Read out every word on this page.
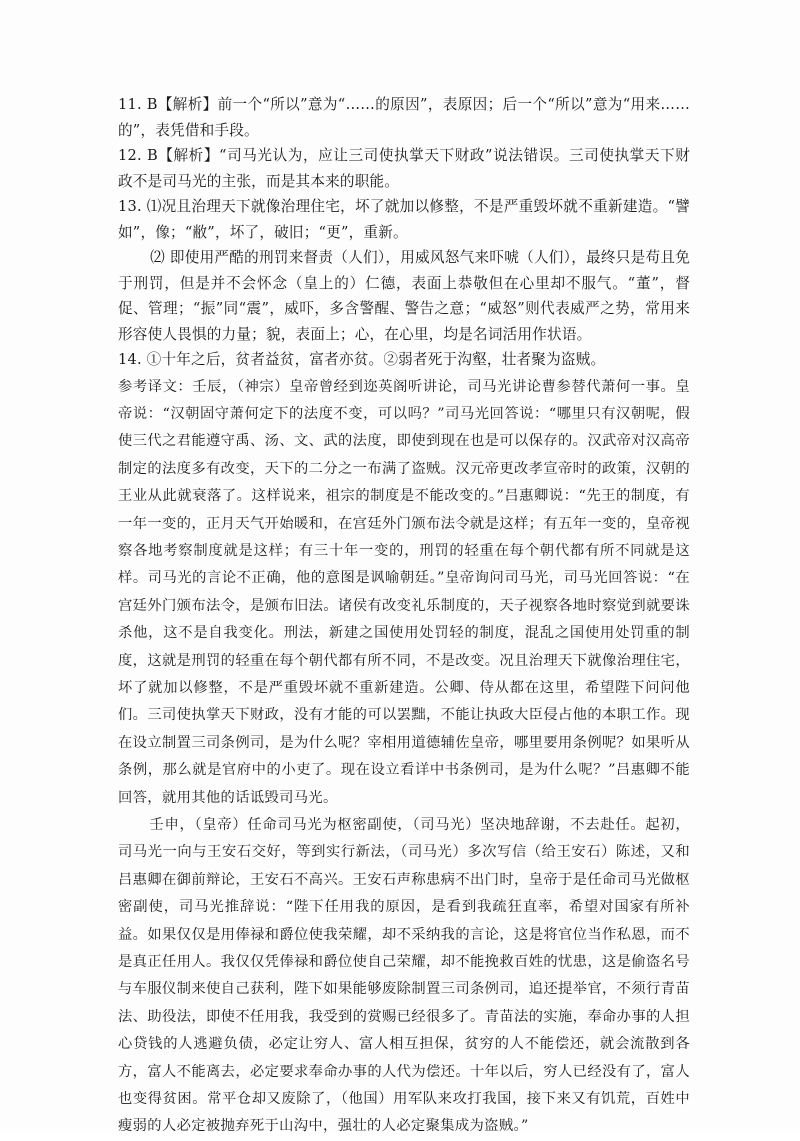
11. B【解析】前一个“所以”意为“……的原因”，表原因；后一个“所以”意为“用来……的”，表凭借和手段。

12. B【解析】“司马光认为，应让三司使执掌天下财政”说法错误。三司使执掌天下财政不是司马光的主张，而是其本来的职能。

13. ⑴况且治理天下就像治理住宅，坏了就加以修整，不是严重毁坏就不重新建造。“譬如”，像；“敝”，坏了，破旧；“更”，重新。

⑵ 即使用严酷的刑罚来督责（人们），用威风怒气来吓唬（人们），最终只是苟且免于刑罚，但是并不会怀念（皇上的）仁德，表面上恭敬但在心里却不服气。“董”，督促、管理；“振”同“震”，威吓，多含警醒、警告之意；“威怒”则代表威严之势，常用来形容使人畏惧的力量；貌，表面上；心，在心里，均是名词活用作状语。

14. ①十年之后，贫者益贫，富者亦贫。②弱者死于沟壑，壮者聚为盗贼。

参考译文：壬辰，（神宗）皇帝曾经到迩英阁听讲论，司马光讲论曹参替代萧何一事。皇帝说：“汉朝固守萧何定下的法度不变，可以吗？”司马光回答说：“哪里只有汉朝呢，假使三代之君能遵守禹、汤、文、武的法度，即使到现在也是可以保存的。汉武帝对汉高帝制定的法度多有改变，天下的二分之一布满了盗贼。汉元帝更改孝宣帝时的政策，汉朝的王业从此就衰落了。这样说来，祖宗的制度是不能改变的。”吕惠卿说：“先王的制度，有一年一变的，正月天气开始暖和，在宫廷外门颁布法令就是这样；有五年一变的，皇帝视察各地考察制度就是这样；有三十年一变的，刑罚的轻重在每个朝代都有所不同就是这样。司马光的言论不正确，他的意图是讽喻朝廷。”皇帝询问司马光，司马光回答说：“在宫廷外门颁布法令，是颁布旧法。诸侯有改变礼乐制度的，天子视察各地时察觉到就要诛杀他，这不是自我变化。刑法，新建之国使用处罚轻的制度，混乱之国使用处罚重的制度，这就是刑罚的轻重在每个朝代都有所不同，不是改变。况且治理天下就像治理住宅，坏了就加以修整，不是严重毁坏就不重新建造。公卿、侍从都在这里，希望陛下问问他们。三司使执掌天下财政，没有才能的可以罢黜，不能让执政大臣侵占他的本职工作。现在设立制置三司条例司，是为什么呢？宰相用道德辅佐皇帝，哪里要用条例呢？如果听从条例，那么就是官府中的小吏了。现在设立看详中书条例司，是为什么呢？”吕惠卿不能回答，就用其他的话诋毁司马光。

壬申，（皇帝）任命司马光为枢密副使，（司马光）坚决地辞谢，不去赴任。起初，司马光一向与王安石交好，等到实行新法，（司马光）多次写信（给王安石）陈述，又和吕惠卿在御前辩论，王安石不高兴。王安石声称患病不出门时，皇帝于是任命司马光做枢密副使，司马光推辞说：“陛下任用我的原因，是看到我疏狂直率，希望对国家有所补益。如果仅仅是用俸禄和爵位使我荣耀，却不采纳我的言论，这是将官位当作私恩，而不是真正任用人。我仅仅凭俸禄和爵位使自己荣耀，却不能挽救百姓的忧患，这是偷盗名号与车服仪制来使自己获利，陛下如果能够废除制置三司条例司，追还提举官，不须行青苗法、助役法，即使不任用我，我受到的赏赐已经很多了。青苗法的实施，奉命办事的人担心贷钱的人逃避负债，必定让穷人、富人相互担保，贫穷的人不能偿还，就会流散到各方，富人不能离去，必定要求奉命办事的人代为偿还。十年以后，穷人已经没有了，富人也变得贫困。常平仓却又废除了，（他国）用军队来攻打我国，接下来又有饥荒，百姓中瘦弱的人必定被抛弃死于山沟中，强壮的人必定聚集成为盗贼。”
